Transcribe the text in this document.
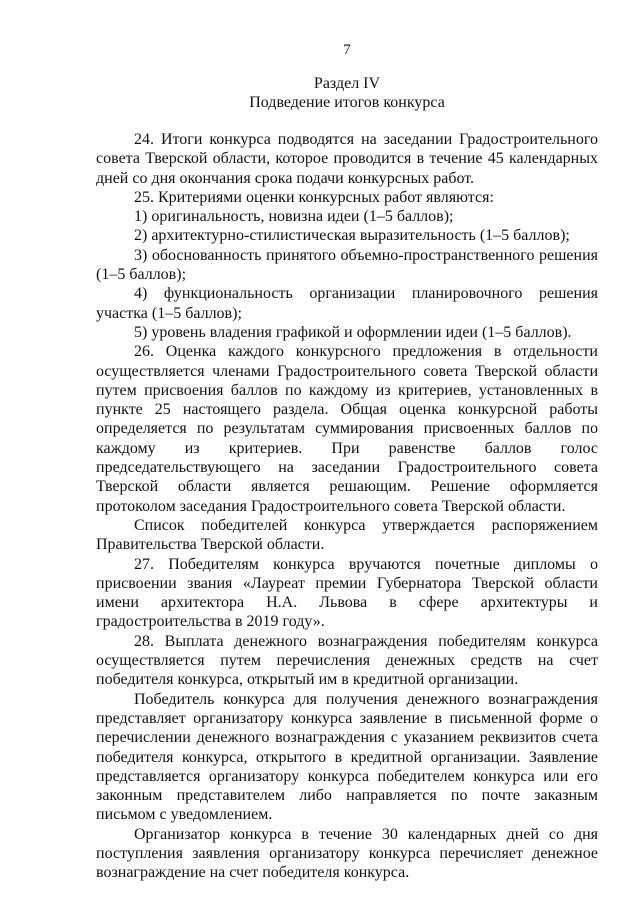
7
Раздел IV
Подведение итогов конкурса

24. Итоги конкурса подводятся на заседании Градостроительного совета Тверской области, которое проводится в течение 45 календарных дней со дня окончания срока подачи конкурсных работ.

25. Критериями оценки конкурсных работ являются:

1) оригинальность, новизна идеи (1–5 баллов);

2) архитектурно-стилистическая выразительность (1–5 баллов);

3) обоснованность принятого объемно-пространственного решения (1–5 баллов);

4) функциональность организации планировочного решения участка (1–5 баллов);

5) уровень владения графикой и оформлении идеи (1–5 баллов).

26. Оценка каждого конкурсного предложения в отдельности осуществляется членами Градостроительного совета Тверской области путем присвоения баллов по каждому из критериев, установленных в пункте 25 настоящего раздела. Общая оценка конкурсной работы определяется по результатам суммирования присвоенных баллов по каждому из критериев. При равенстве баллов голос председательствующего на заседании Градостроительного совета Тверской области является решающим. Решение оформляется протоколом заседания Градостроительного совета Тверской области.

Список победителей конкурса утверждается распоряжением Правительства Тверской области.

27. Победителям конкурса вручаются почетные дипломы о присвоении звания «Лауреат премии Губернатора Тверской области имени архитектора Н.А. Львова в сфере архитектуры и градостроительства в 2019 году».

28. Выплата денежного вознаграждения победителям конкурса осуществляется путем перечисления денежных средств на счет победителя конкурса, открытый им в кредитной организации.

Победитель конкурса для получения денежного вознаграждения представляет организатору конкурса заявление в письменной форме о перечислении денежного вознаграждения с указанием реквизитов счета победителя конкурса, открытого в кредитной организации. Заявление представляется организатору конкурса победителем конкурса или его законным представителем либо направляется по почте заказным письмом с уведомлением.

Организатор конкурса в течение 30 календарных дней со дня поступления заявления организатору конкурса перечисляет денежное вознаграждение на счет победителя конкурса.
